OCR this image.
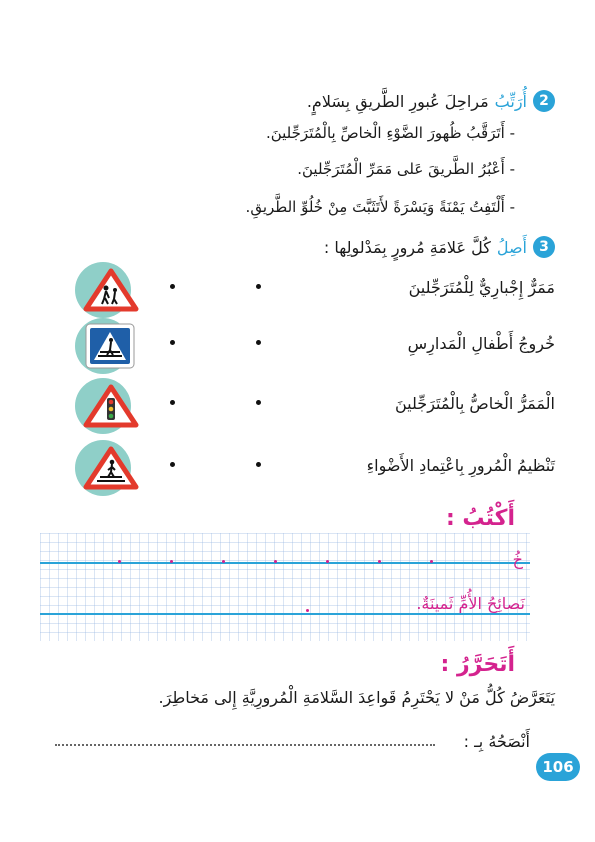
2
أُرَتِّبُ
مَراحِلَ عُبورِ الطَّريقِ بِسَلامٍ.
- أَتَرَقَّبُ ظُهورَ الضَّوْءِ الْخاصِّ بِالْمُتَرَجِّلينَ.
- أَعْبُرُ الطَّريقَ عَلى مَمَرِّ الْمُتَرَجِّلينَ.
- أَلْتَفِتُ يَمْنَةً وَيَسْرَةً لأَتَثَبَّتَ مِنْ خُلُوِّ الطَّريقِ.
3
أَصِلُ
كُلَّ عَلامَةِ مُرورٍ بِمَدْلولِها :
مَمَرٌّ إِجْبارِيٌّ لِلْمُتَرَجِّلينَ
خُروجُ أَطْفالِ الْمَدارِسِ
الْمَمَرُّ الْخاصُّ بِالْمُتَرَجِّلينَ
تَنْظيمُ الْمُرورِ بِاعْتِمادِ الأَضْواءِ
أَكْتُبُ :
خُ
نَصائِحُ الأُمِّ ثَمينَةٌ.
أَتَحَرَّرُ :
يَتَعَرَّضُ كُلُّ مَنْ لا يَحْتَرِمُ قَواعِدَ السَّلامَةِ الْمُرورِيَّةِ إِلى مَخاطِرَ.
أَنْصَحُهُ بِـ :
106
